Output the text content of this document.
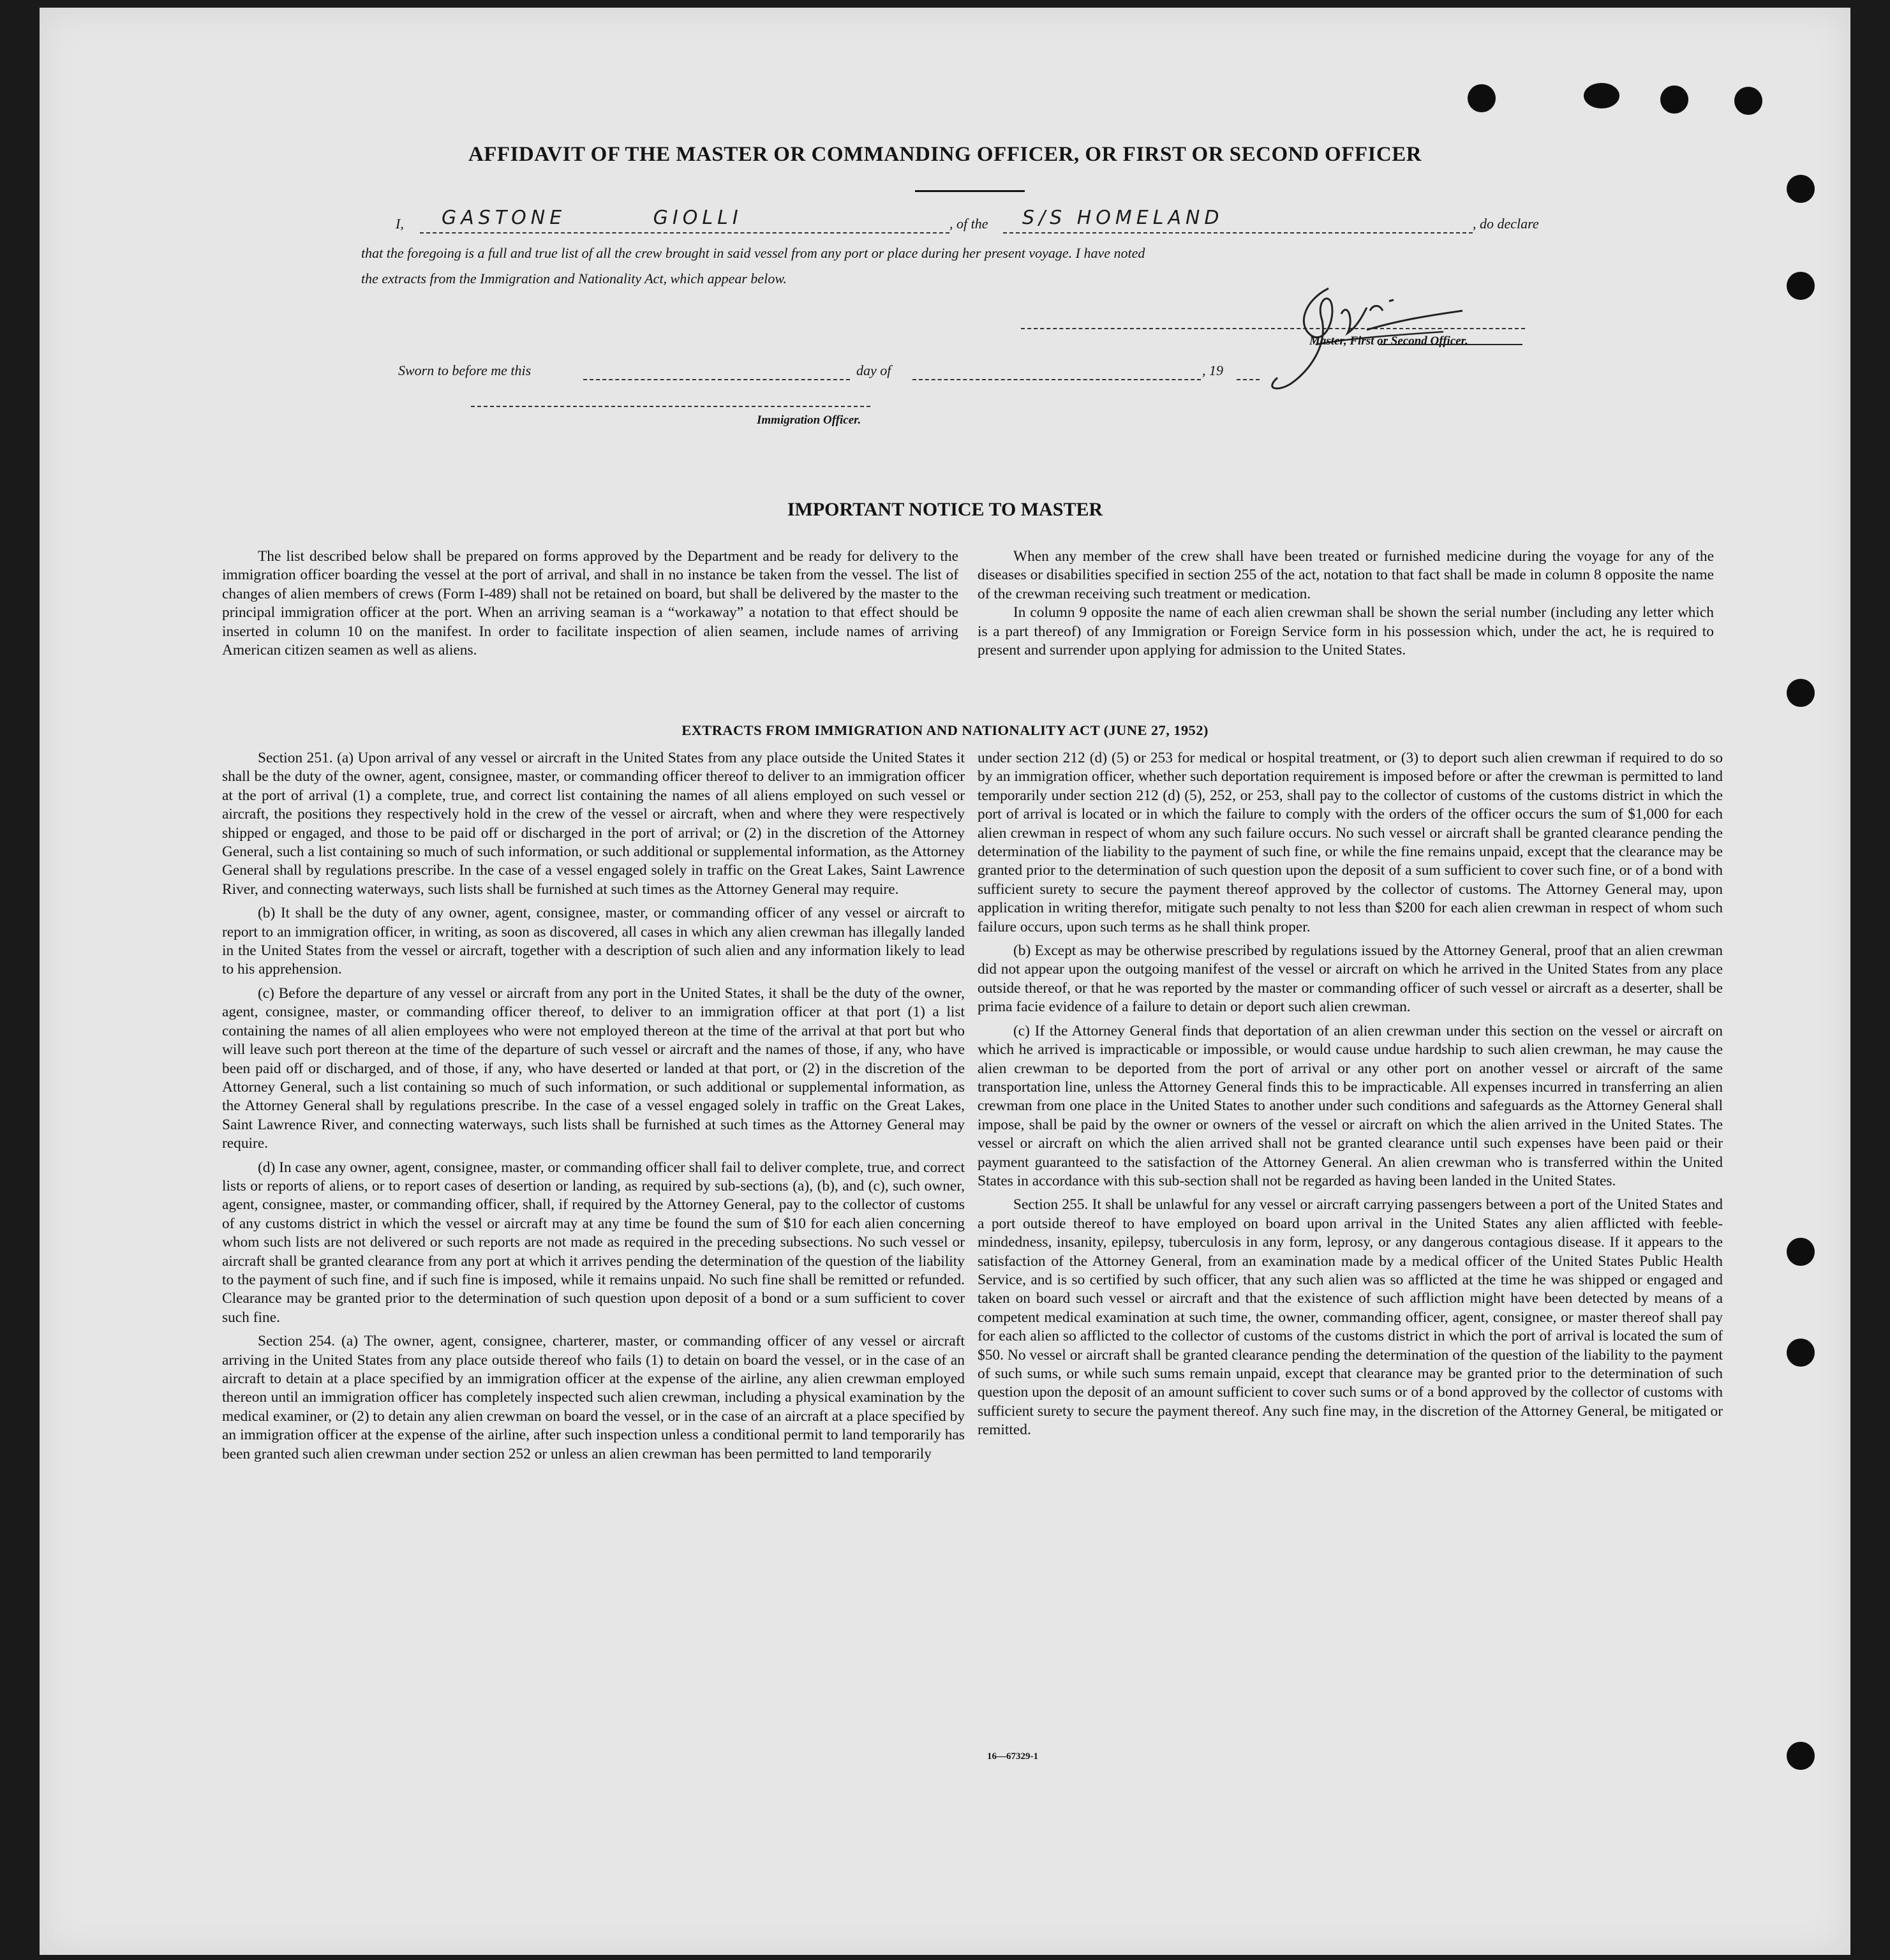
AFFIDAVIT OF THE MASTER OR COMMANDING OFFICER, OR FIRST OR SECOND OFFICER
I, GASTONE GIOLLI	, of the S/S HOMELAND	, do declare
that the foregoing is a full and true list of all the crew brought in said vessel from any port or place during her present voyage. I have noted
the extracts from the Immigration and Nationality Act, which appear below.
Master, First or Second Officer.
Sworn to before me this	day of	, 19
Immigration Officer.
IMPORTANT NOTICE TO MASTER

The list described below shall be prepared on forms approved by the Department and be ready for delivery to the immigration officer boarding the vessel at the port of arrival, and shall in no instance be taken from the vessel. The list of changes of alien members of crews (Form I-489) shall not be retained on board, but shall be delivered by the master to the principal immigration officer at the port. When an arriving seaman is a “workaway” a notation to that effect should be inserted in column 10 on the manifest. In order to facilitate inspection of alien seamen, include names of arriving American citizen seamen as well as aliens.

When any member of the crew shall have been treated or furnished medicine during the voyage for any of the diseases or disabilities specified in section 255 of the act, notation to that fact shall be made in column 8 opposite the name of the crewman receiving such treatment or medication.

In column 9 opposite the name of each alien crewman shall be shown the serial number (including any letter which is a part thereof) of any Immigration or Foreign Service form in his possession which, under the act, he is required to present and surrender upon applying for admission to the United States.

EXTRACTS FROM IMMIGRATION AND NATIONALITY ACT (JUNE 27, 1952)

Section 251. (a) Upon arrival of any vessel or aircraft in the United States from any place outside the United States it shall be the duty of the owner, agent, consignee, master, or commanding officer thereof to deliver to an immigration officer at the port of arrival (1) a complete, true, and correct list containing the names of all aliens employed on such vessel or aircraft, the positions they respectively hold in the crew of the vessel or aircraft, when and where they were respectively shipped or engaged, and those to be paid off or discharged in the port of arrival; or (2) in the discretion of the Attorney General, such a list containing so much of such information, or such additional or supplemental information, as the Attorney General shall by regulations prescribe. In the case of a vessel engaged solely in traffic on the Great Lakes, Saint Lawrence River, and connecting waterways, such lists shall be furnished at such times as the Attorney General may require.

(b) It shall be the duty of any owner, agent, consignee, master, or commanding officer of any vessel or aircraft to report to an immigration officer, in writing, as soon as discovered, all cases in which any alien crewman has illegally landed in the United States from the vessel or aircraft, together with a description of such alien and any information likely to lead to his apprehension.

(c) Before the departure of any vessel or aircraft from any port in the United States, it shall be the duty of the owner, agent, consignee, master, or commanding officer thereof, to deliver to an immigration officer at that port (1) a list containing the names of all alien employees who were not employed thereon at the time of the arrival at that port but who will leave such port thereon at the time of the departure of such vessel or aircraft and the names of those, if any, who have been paid off or discharged, and of those, if any, who have deserted or landed at that port, or (2) in the discretion of the Attorney General, such a list containing so much of such information, or such additional or supplemental information, as the Attorney General shall by regulations prescribe. In the case of a vessel engaged solely in traffic on the Great Lakes, Saint Lawrence River, and connecting waterways, such lists shall be furnished at such times as the Attorney General may require.

(d) In case any owner, agent, consignee, master, or commanding officer shall fail to deliver complete, true, and correct lists or reports of aliens, or to report cases of desertion or landing, as required by sub-sections (a), (b), and (c), such owner, agent, consignee, master, or commanding officer, shall, if required by the Attorney General, pay to the collector of customs of any customs district in which the vessel or aircraft may at any time be found the sum of $10 for each alien concerning whom such lists are not delivered or such reports are not made as required in the preceding subsections. No such vessel or aircraft shall be granted clearance from any port at which it arrives pending the determination of the question of the liability to the payment of such fine, and if such fine is imposed, while it remains unpaid. No such fine shall be remitted or refunded. Clearance may be granted prior to the determination of such question upon deposit of a bond or a sum sufficient to cover such fine.

Section 254. (a) The owner, agent, consignee, charterer, master, or commanding officer of any vessel or aircraft arriving in the United States from any place outside thereof who fails (1) to detain on board the vessel, or in the case of an aircraft to detain at a place specified by an immigration officer at the expense of the airline, any alien crewman employed thereon until an immigration officer has completely inspected such alien crewman, including a physical examination by the medical examiner, or (2) to detain any alien crewman on board the vessel, or in the case of an aircraft at a place specified by an immigration officer at the expense of the airline, after such inspection unless a conditional permit to land temporarily has been granted such alien crewman under section 252 or unless an alien crewman has been permitted to land temporarily

under section 212 (d) (5) or 253 for medical or hospital treatment, or (3) to deport such alien crewman if required to do so by an immigration officer, whether such deportation requirement is imposed before or after the crewman is permitted to land temporarily under section 212 (d) (5), 252, or 253, shall pay to the collector of customs of the customs district in which the port of arrival is located or in which the failure to comply with the orders of the officer occurs the sum of $1,000 for each alien crewman in respect of whom any such failure occurs. No such vessel or aircraft shall be granted clearance pending the determination of the liability to the payment of such fine, or while the fine remains unpaid, except that the clearance may be granted prior to the determination of such question upon the deposit of a sum sufficient to cover such fine, or of a bond with sufficient surety to secure the payment thereof approved by the collector of customs. The Attorney General may, upon application in writing therefor, mitigate such penalty to not less than $200 for each alien crewman in respect of whom such failure occurs, upon such terms as he shall think proper.

(b) Except as may be otherwise prescribed by regulations issued by the Attorney General, proof that an alien crewman did not appear upon the outgoing manifest of the vessel or aircraft on which he arrived in the United States from any place outside thereof, or that he was reported by the master or commanding officer of such vessel or aircraft as a deserter, shall be prima facie evidence of a failure to detain or deport such alien crewman.

(c) If the Attorney General finds that deportation of an alien crewman under this section on the vessel or aircraft on which he arrived is impracticable or impossible, or would cause undue hardship to such alien crewman, he may cause the alien crewman to be deported from the port of arrival or any other port on another vessel or aircraft of the same transportation line, unless the Attorney General finds this to be impracticable. All expenses incurred in transferring an alien crewman from one place in the United States to another under such conditions and safeguards as the Attorney General shall impose, shall be paid by the owner or owners of the vessel or aircraft on which the alien arrived in the United States. The vessel or aircraft on which the alien arrived shall not be granted clearance until such expenses have been paid or their payment guaranteed to the satisfaction of the Attorney General. An alien crewman who is transferred within the United States in accordance with this sub-section shall not be regarded as having been landed in the United States.

Section 255. It shall be unlawful for any vessel or aircraft carrying passengers between a port of the United States and a port outside thereof to have employed on board upon arrival in the United States any alien afflicted with feeble-mindedness, insanity, epilepsy, tuberculosis in any form, leprosy, or any dangerous contagious disease. If it appears to the satisfaction of the Attorney General, from an examination made by a medical officer of the United States Public Health Service, and is so certified by such officer, that any such alien was so afflicted at the time he was shipped or engaged and taken on board such vessel or aircraft and that the existence of such affliction might have been detected by means of a competent medical examination at such time, the owner, commanding officer, agent, consignee, or master thereof shall pay for each alien so afflicted to the collector of customs of the customs district in which the port of arrival is located the sum of $50. No vessel or aircraft shall be granted clearance pending the determination of the question of the liability to the payment of such sums, or while such sums remain unpaid, except that clearance may be granted prior to the determination of such question upon the deposit of an amount sufficient to cover such sums or of a bond approved by the collector of customs with sufficient surety to secure the payment thereof. Any such fine may, in the discretion of the Attorney General, be mitigated or remitted.

16—67329-1
